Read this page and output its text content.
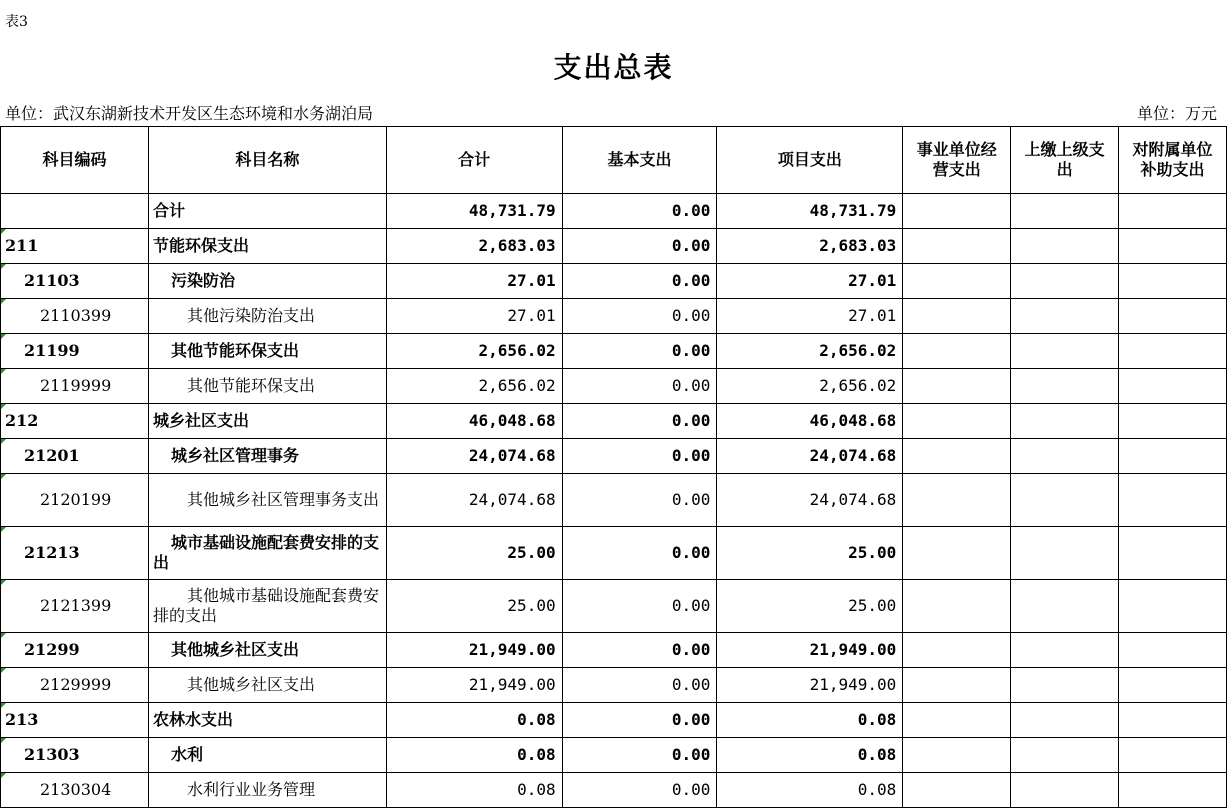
表3
支出总表
单位：武汉东湖新技术开发区生态环境和水务湖泊局	单位：万元
科目编码	科目名称	合计	基本支出	项目支出	事业单位经营支出	上缴上级支出	对附属单位补助支出
	合计	48,731.79	0.00	48,731.79			
211	节能环保支出	2,683.03	0.00	2,683.03			
21103	污染防治	27.01	0.00	27.01			
2110399	其他污染防治支出	27.01	0.00	27.01			
21199	其他节能环保支出	2,656.02	0.00	2,656.02			
2119999	其他节能环保支出	2,656.02	0.00	2,656.02			
212	城乡社区支出	46,048.68	0.00	46,048.68			
21201	城乡社区管理事务	24,074.68	0.00	24,074.68			
2120199	其他城乡社区管理事务支出	24,074.68	0.00	24,074.68			
21213	城市基础设施配套费安排的支出	25.00	0.00	25.00			
2121399	其他城市基础设施配套费安排的支出	25.00	0.00	25.00			
21299	其他城乡社区支出	21,949.00	0.00	21,949.00			
2129999	其他城乡社区支出	21,949.00	0.00	21,949.00			
213	农林水支出	0.08	0.00	0.08			
21303	水利	0.08	0.00	0.08			
2130304	水利行业业务管理	0.08	0.00	0.08			
